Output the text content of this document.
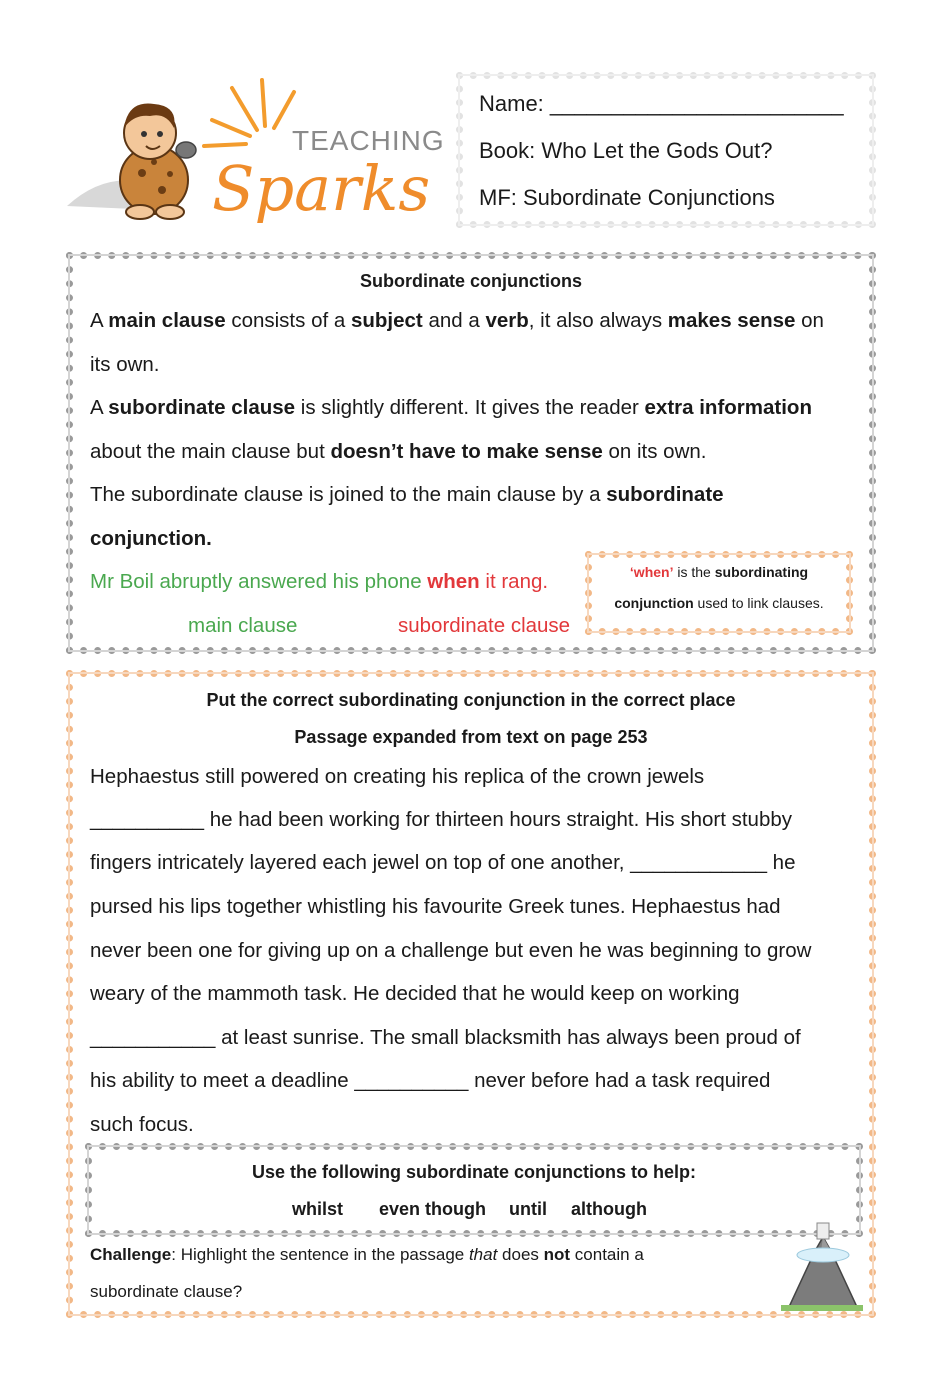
TEACHING
Sparks
Name: ________________________
Book: Who Let the Gods Out?
MF: Subordinate Conjunctions
Subordinate conjunctions
A main clause consists of a subject and a verb, it also always makes sense on
its own.
A subordinate clause is slightly different. It gives the reader extra information
about the main clause but doesn’t have to make sense on its own.
The subordinate clause is joined to the main clause by a subordinate
conjunction.
Mr Boil abruptly answered his phone when it rang.
main clause	subordinate clause
‘when’ is the subordinating
conjunction used to link clauses.
Put the correct subordinating conjunction in the correct place
Passage expanded from text on page 253
Hephaestus still powered on creating his replica of the crown jewels
__________ he had been working for thirteen hours straight. His short stubby
fingers intricately layered each jewel on top of one another, ____________ he
pursed his lips together whistling his favourite Greek tunes. Hephaestus had
never been one for giving up on a challenge but even he was beginning to grow
weary of the mammoth task. He decided that he would keep on working
___________ at least sunrise. The small blacksmith has always been proud of
his ability to meet a deadline __________ never before had a task required
such focus.
Use the following subordinate conjunctions to help:
whilst even though until although
Challenge: Highlight the sentence in the passage that does not contain a
subordinate clause?
